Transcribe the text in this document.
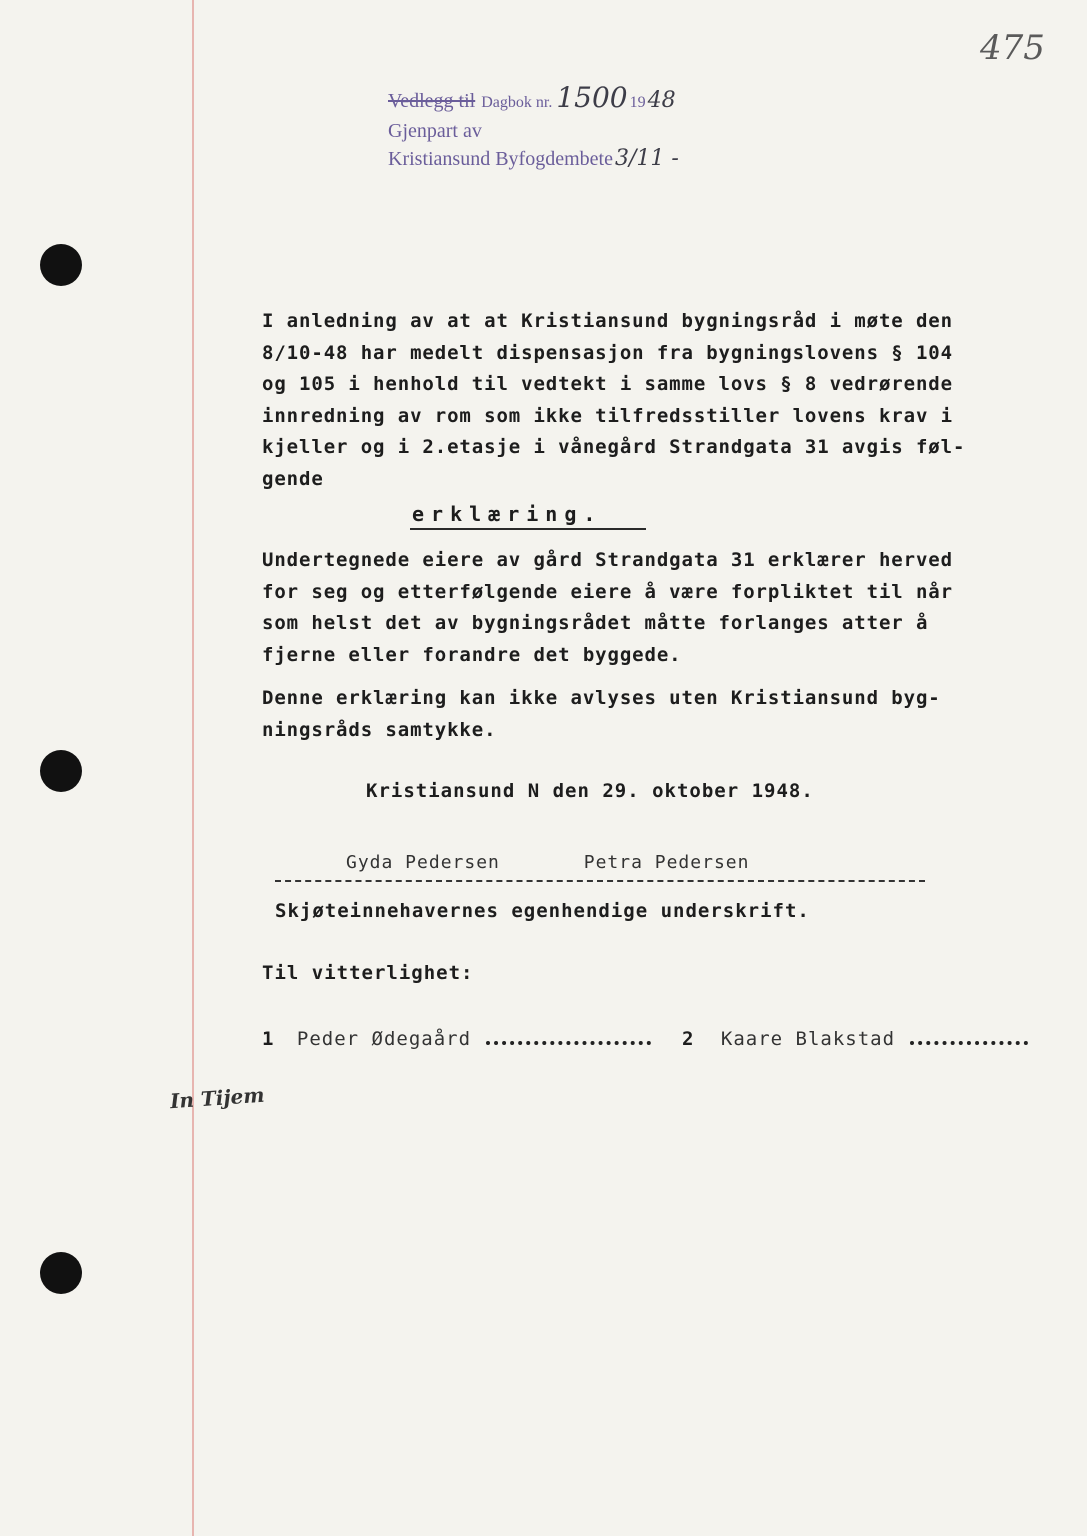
475
Vedlegg til Dagbok nr. 1500 19 48
Gjenpart av
Kristiansund Byfogdembete 3/11 -
I anledning av at at Kristiansund bygningsråd i møte den
8/10-48 har medelt dispensasjon fra bygningslovens § 104
og 105 i henhold til vedtekt i samme lovs § 8 vedrørende
innredning av rom som ikke tilfredsstiller lovens krav i
kjeller og i 2.etasje i vånegård Strandgata 31 avgis føl-
gende
erklæring.
Undertegnede eiere av gård Strandgata 31 erklærer herved
for seg og etterfølgende eiere å være forpliktet til når
som helst det av bygningsrådet måtte forlanges atter å
fjerne eller forandre det byggede.
Denne erklæring kan ikke avlyses uten Kristiansund byg-
ningsråds samtykke.
Kristiansund N den 29. oktober 1948.
Gyda Pedersen	Petra Pedersen
Skjøteinnehavernes egenhendige underskrift.
Til vitterlighet:
1 Peder Ødegaård	2 Kaare Blakstad
In Tijem
